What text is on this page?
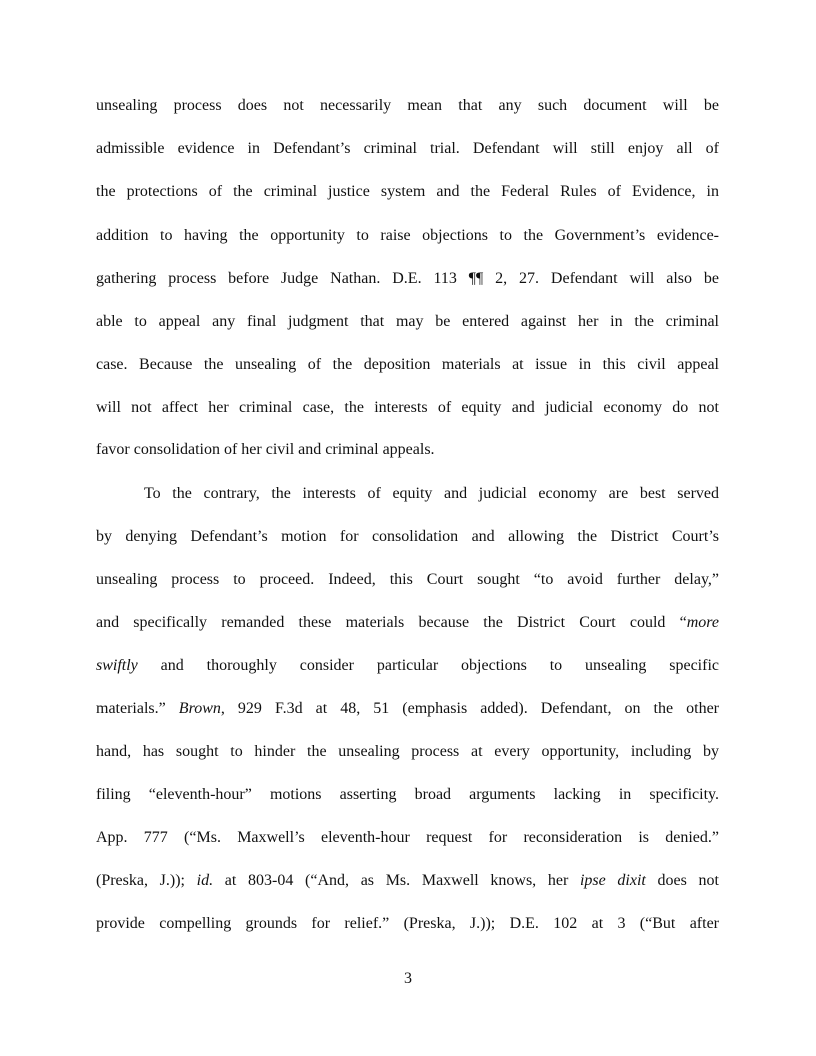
unsealing process does not necessarily mean that any such document will be
admissible evidence in Defendant’s criminal trial. Defendant will still enjoy all of
the protections of the criminal justice system and the Federal Rules of Evidence, in
addition to having the opportunity to raise objections to the Government’s evidence-
gathering process before Judge Nathan. D.E. 113 ¶¶ 2, 27. Defendant will also be
able to appeal any final judgment that may be entered against her in the criminal
case. Because the unsealing of the deposition materials at issue in this civil appeal
will not affect her criminal case, the interests of equity and judicial economy do not
favor consolidation of her civil and criminal appeals.
To the contrary, the interests of equity and judicial economy are best served
by denying Defendant’s motion for consolidation and allowing the District Court’s
unsealing process to proceed. Indeed, this Court sought “to avoid further delay,”
and specifically remanded these materials because the District Court could “more
swiftly and thoroughly consider particular objections to unsealing specific
materials.” Brown, 929 F.3d at 48, 51 (emphasis added). Defendant, on the other
hand, has sought to hinder the unsealing process at every opportunity, including by
filing “eleventh-hour” motions asserting broad arguments lacking in specificity.
App. 777 (“Ms. Maxwell’s eleventh-hour request for reconsideration is denied.”
(Preska, J.)); id. at 803-04 (“And, as Ms. Maxwell knows, her ipse dixit does not
provide compelling grounds for relief.” (Preska, J.)); D.E. 102 at 3 (“But after
3
